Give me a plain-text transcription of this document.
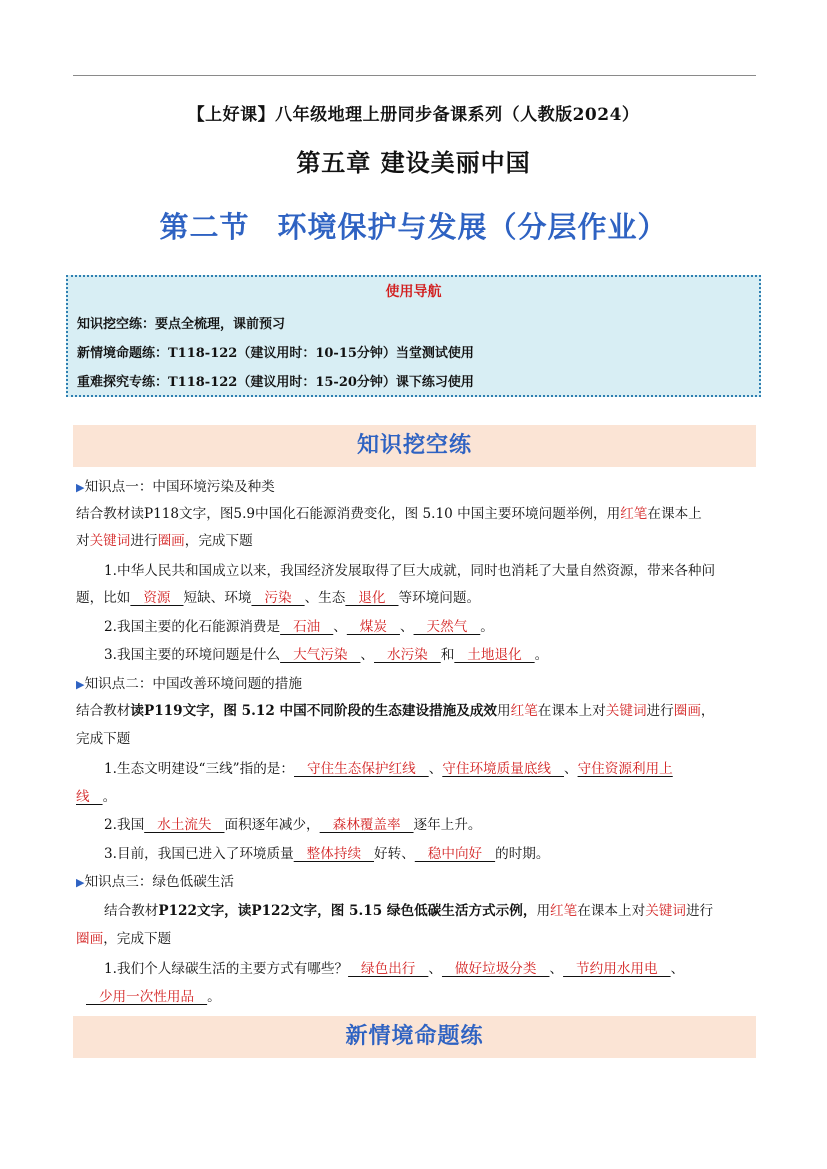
【上好课】八年级地理上册同步备课系列（人教版2024）
第五章 建设美丽中国
第二节 环境保护与发展（分层作业）
使用导航
知识挖空练：要点全梳理，课前预习
新情境命题练：T118-122（建议用时：10-15分钟）当堂测试使用
重难探究专练：T118-122（建议用时：15-20分钟）课下练习使用
知识挖空练
▶知识点一：中国环境污染及种类
结合教材读P118文字，图5.9中国化石能源消费变化，图 5.10 中国主要环境问题举例，用红笔在课本上
对关键词进行圈画，完成下题
1.中华人民共和国成立以来，我国经济发展取得了巨大成就，同时也消耗了大量自然资源，带来各种问
题，比如   资源   短缺、环境   污染   、生态   退化   等环境问题。
2.我国主要的化石能源消费是   石油   、   煤炭   、   天然气   。
3.我国主要的环境问题是什么   大气污染   、   水污染   和   土地退化   。
▶知识点二：中国改善环境问题的措施
结合教材读P119文字，图 5.12 中国不同阶段的生态建设措施及成效用红笔在课本上对关键词进行圈画，
完成下题
1.生态文明建设“三线”指的是：   守住生态保护红线   、守住环境质量底线   、守住资源利用上
线   。
2.我国   水土流失   面积逐年减少，   森林覆盖率   逐年上升。
3.目前，我国已进入了环境质量   整体持续   好转、   稳中向好   的时期。
▶知识点三：绿色低碳生活
结合教材P122文字，读P122文字，图 5.15 绿色低碳生活方式示例，用红笔在课本上对关键词进行
圈画，完成下题
1.我们个人绿碳生活的主要方式有哪些？   绿色出行   、   做好垃圾分类   、   节约用水用电   、
少用一次性用品   。
新情境命题练
